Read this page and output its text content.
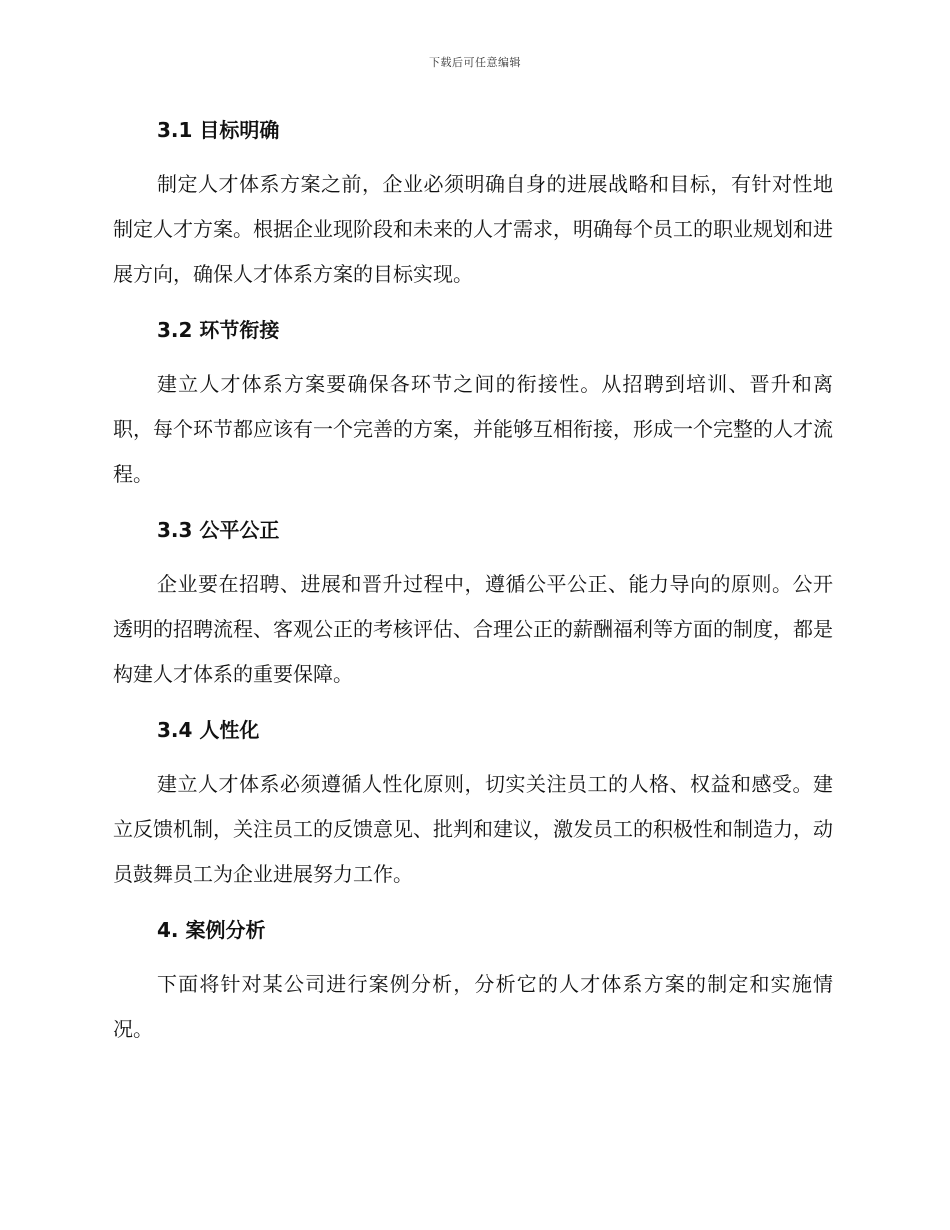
下载后可任意编辑
3.1 目标明确

制定人才体系方案之前，企业必须明确自身的进展战略和目标，有针对性地制定人才方案。根据企业现阶段和未来的人才需求，明确每个员工的职业规划和进展方向，确保人才体系方案的目标实现。

3.2 环节衔接

建立人才体系方案要确保各环节之间的衔接性。从招聘到培训、晋升和离职，每个环节都应该有一个完善的方案，并能够互相衔接，形成一个完整的人才流程。

3.3 公平公正

企业要在招聘、进展和晋升过程中，遵循公平公正、能力导向的原则。公开透明的招聘流程、客观公正的考核评估、合理公正的薪酬福利等方面的制度，都是构建人才体系的重要保障。

3.4 人性化

建立人才体系必须遵循人性化原则，切实关注员工的人格、权益和感受。建立反馈机制，关注员工的反馈意见、批判和建议，激发员工的积极性和制造力，动员鼓舞员工为企业进展努力工作。

4. 案例分析

下面将针对某公司进行案例分析，分析它的人才体系方案的制定和实施情况。
